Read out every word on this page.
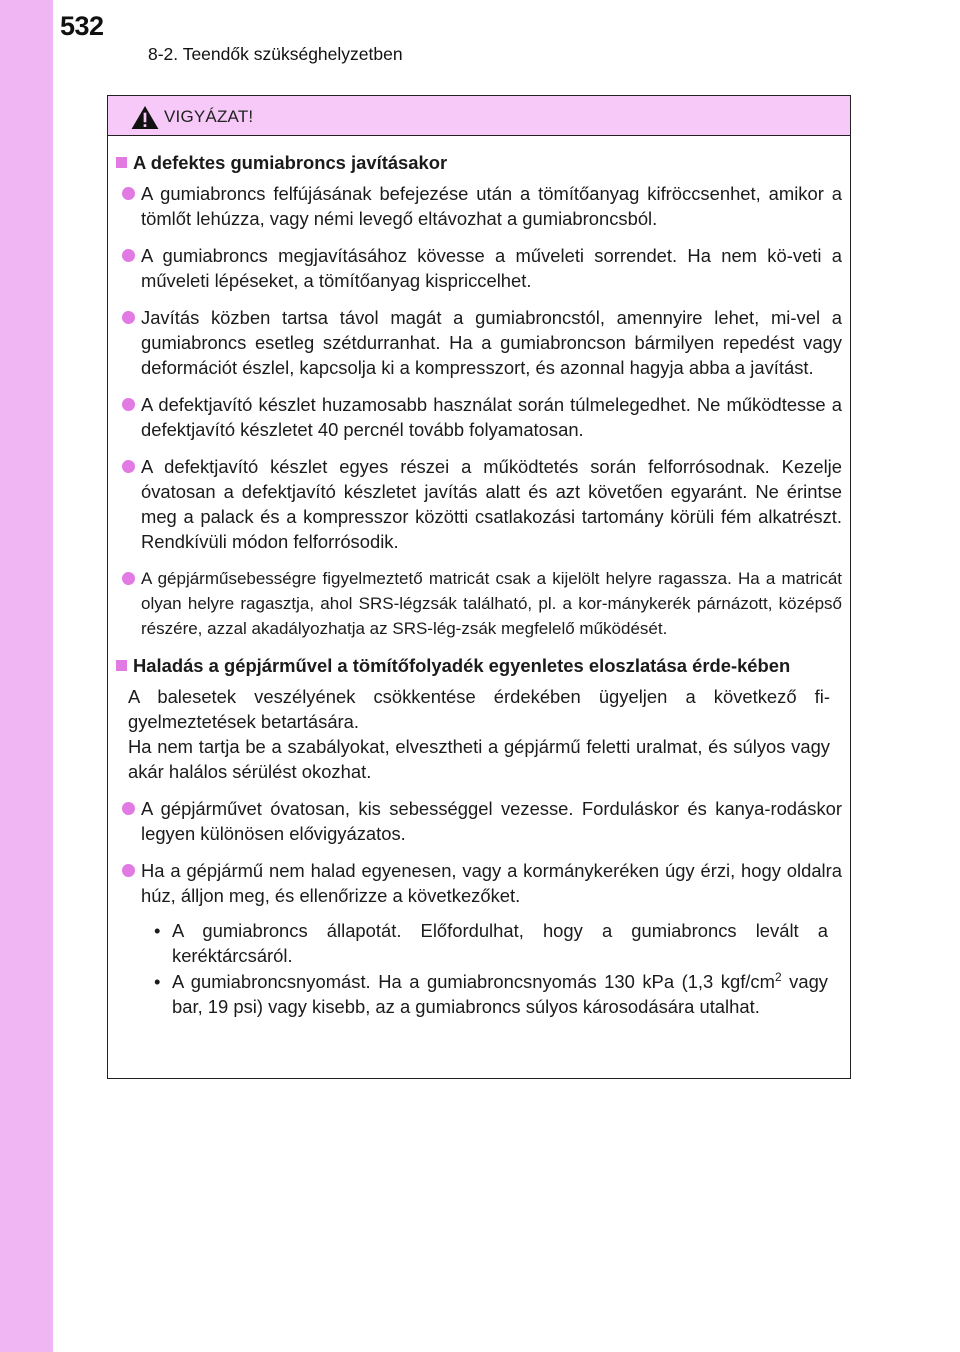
532
8-2. Teendők szükséghelyzetben
VIGYÁZAT!
A defektes gumiabroncs javításakor
A gumiabroncs felfújásának befejezése után a tömítőanyag kifröccsenhet, amikor a tömlőt lehúzza, vagy némi levegő eltávozhat a gumiabroncsból.
A gumiabroncs megjavításához kövesse a műveleti sorrendet. Ha nem kö-veti a műveleti lépéseket, a tömítőanyag kispriccelhet.
Javítás közben tartsa távol magát a gumiabroncstól, amennyire lehet, mi-vel a gumiabroncs esetleg szétdurranhat. Ha a gumiabroncson bármilyen repedést vagy deformációt észlel, kapcsolja ki a kompresszort, és azonnal hagyja abba a javítást.
A defektjavító készlet huzamosabb használat során túlmelegedhet. Ne működtesse a defektjavító készletet 40 percnél tovább folyamatosan.
A defektjavító készlet egyes részei a működtetés során felforrósodnak. Kezelje óvatosan a defektjavító készletet javítás alatt és azt követően egyaránt. Ne érintse meg a palack és a kompresszor közötti csatlakozási tartomány körüli fém alkatrészt. Rendkívüli módon felforrósodik.
A gépjárműsebességre figyelmeztető matricát csak a kijelölt helyre ragassza. Ha a matricát olyan helyre ragasztja, ahol SRS-légzsák található, pl. a kor-mánykerék párnázott, középső részére, azzal akadályozhatja az SRS-lég-zsák megfelelő működését.
Haladás a gépjárművel a tömítőfolyadék egyenletes eloszlatása érde-kében
A balesetek veszélyének csökkentése érdekében ügyeljen a következő fi-gyelmeztetések betartására.
Ha nem tartja be a szabályokat, elvesztheti a gépjármű feletti uralmat, és súlyos vagy akár halálos sérülést okozhat.
A gépjárművet óvatosan, kis sebességgel vezesse. Forduláskor és kanya-rodáskor legyen különösen elővigyázatos.
Ha a gépjármű nem halad egyenesen, vagy a kormánykeréken úgy érzi, hogy oldalra húz, álljon meg, és ellenőrizze a következőket.
• A gumiabroncs állapotát. Előfordulhat, hogy a gumiabroncs levált a keréktárcsáról.
• A gumiabroncsnyomást. Ha a gumiabroncsnyomás 130 kPa (1,3 kgf/$cm^2$ vagy bar, 19 psi) vagy kisebb, az a gumiabroncs súlyos károsodására utalhat.
